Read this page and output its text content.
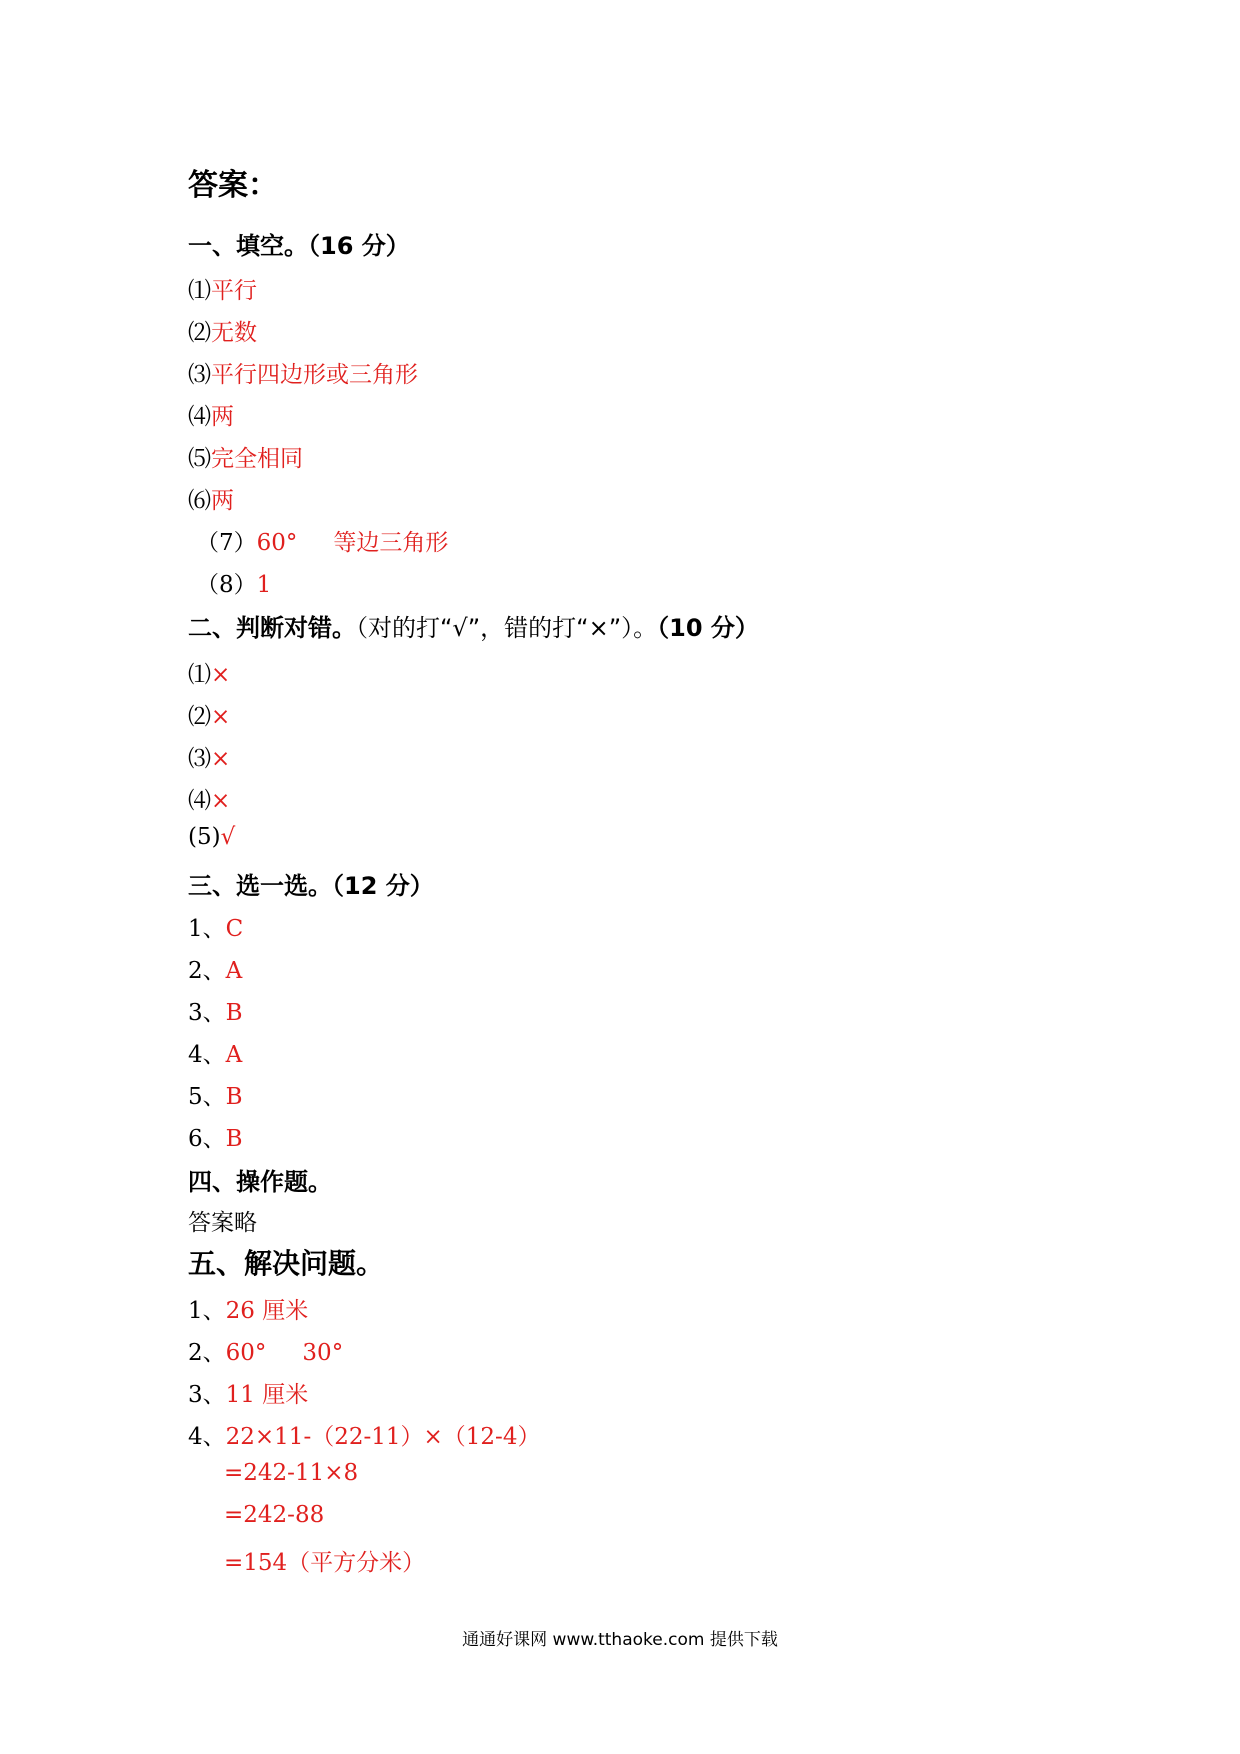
答案：
一、填空。（16 分）
⑴平行
⑵无数
⑶平行四边形或三角形
⑷两
⑸完全相同
⑹两
（7）60° 等边三角形
（8）1
二、判断对错。（对的打“√”，错的打“×”）。（10 分）
⑴×
⑵×
⑶×
⑷×
(5)√
三、选一选。（12 分）
1、C
2、A
3、B
4、A
5、B
6、B
四、操作题。
答案略
五、解决问题。
1、26 厘米
2、60° 30°
3、11 厘米
4、22×11-（22-11）×（12-4）
=242-11×8
=242-88
=154（平方分米）
通通好课网 www.tthaoke.com 提供下载
